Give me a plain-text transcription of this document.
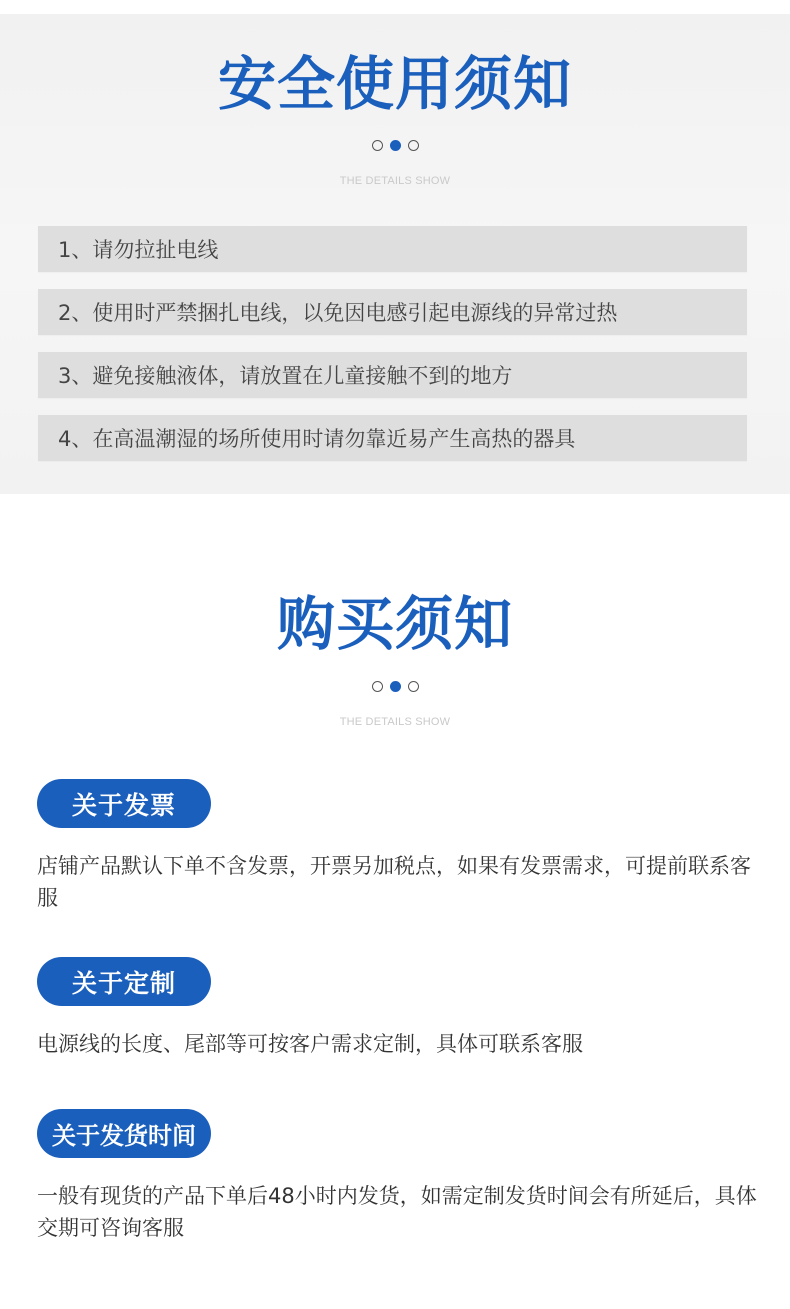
安全使用须知
THE DETAILS SHOW
1、请勿拉扯电线
2、使用时严禁捆扎电线，以免因电感引起电源线的异常过热
3、避免接触液体，请放置在儿童接触不到的地方
4、在高温潮湿的场所使用时请勿靠近易产生高热的器具
购买须知
THE DETAILS SHOW
关于发票
店铺产品默认下单不含发票，开票另加税点，如果有发票需求，可提前联系客服
关于定制
电源线的长度、尾部等可按客户需求定制，具体可联系客服
关于发货时间
一般有现货的产品下单后48小时内发货，如需定制发货时间会有所延后，具体交期可咨询客服
